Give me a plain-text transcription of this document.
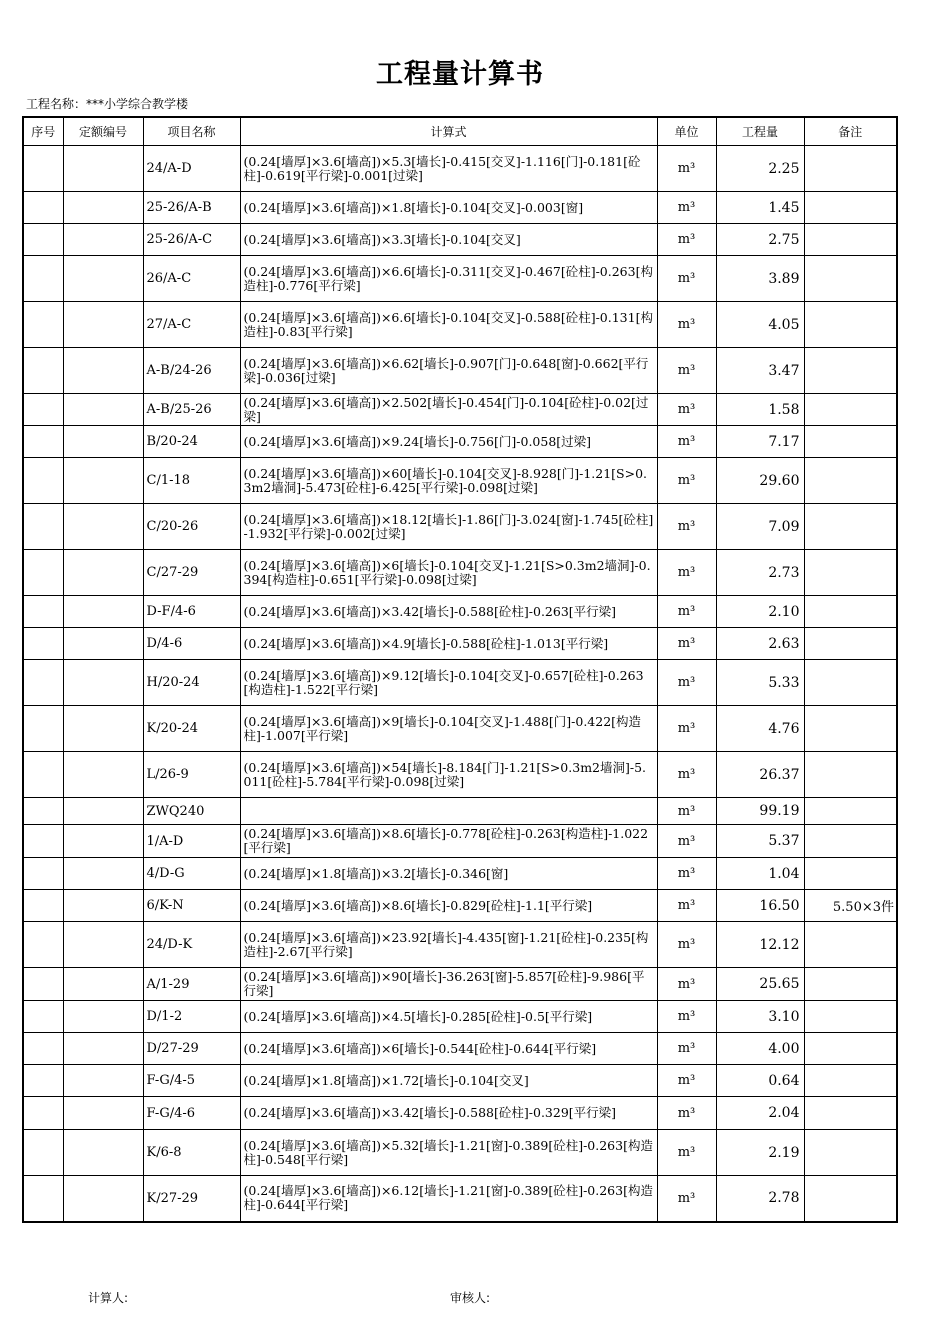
工程量计算书
工程名称：***小学综合教学楼
序号	定额编号	项目名称	计算式	单位	工程量	备注
		24/A-D	(0.24[墙厚]×3.6[墙高])×5.3[墙长]-0.415[交叉]-1.116[门]-0.181[砼柱]-0.619[平行梁]-0.001[过梁]	m³	2.25	
		25-26/A-B	(0.24[墙厚]×3.6[墙高])×1.8[墙长]-0.104[交叉]-0.003[窗]	m³	1.45	
		25-26/A-C	(0.24[墙厚]×3.6[墙高])×3.3[墙长]-0.104[交叉]	m³	2.75	
		26/A-C	(0.24[墙厚]×3.6[墙高])×6.6[墙长]-0.311[交叉]-0.467[砼柱]-0.263[构造柱]-0.776[平行梁]	m³	3.89	
		27/A-C	(0.24[墙厚]×3.6[墙高])×6.6[墙长]-0.104[交叉]-0.588[砼柱]-0.131[构造柱]-0.83[平行梁]	m³	4.05	
		A-B/24-26	(0.24[墙厚]×3.6[墙高])×6.62[墙长]-0.907[门]-0.648[窗]-0.662[平行梁]-0.036[过梁]	m³	3.47	
		A-B/25-26	(0.24[墙厚]×3.6[墙高])×2.502[墙长]-0.454[门]-0.104[砼柱]-0.02[过梁]	m³	1.58	
		B/20-24	(0.24[墙厚]×3.6[墙高])×9.24[墙长]-0.756[门]-0.058[过梁]	m³	7.17	
		C/1-18	(0.24[墙厚]×3.6[墙高])×60[墙长]-0.104[交叉]-8.928[门]-1.21[S>0.3m2墙洞]-5.473[砼柱]-6.425[平行梁]-0.098[过梁]	m³	29.60	
		C/20-26	(0.24[墙厚]×3.6[墙高])×18.12[墙长]-1.86[门]-3.024[窗]-1.745[砼柱]-1.932[平行梁]-0.002[过梁]	m³	7.09	
		C/27-29	(0.24[墙厚]×3.6[墙高])×6[墙长]-0.104[交叉]-1.21[S>0.3m2墙洞]-0.394[构造柱]-0.651[平行梁]-0.098[过梁]	m³	2.73	
		D-F/4-6	(0.24[墙厚]×3.6[墙高])×3.42[墙长]-0.588[砼柱]-0.263[平行梁]	m³	2.10	
		D/4-6	(0.24[墙厚]×3.6[墙高])×4.9[墙长]-0.588[砼柱]-1.013[平行梁]	m³	2.63	
		H/20-24	(0.24[墙厚]×3.6[墙高])×9.12[墙长]-0.104[交叉]-0.657[砼柱]-0.263[构造柱]-1.522[平行梁]	m³	5.33	
		K/20-24	(0.24[墙厚]×3.6[墙高])×9[墙长]-0.104[交叉]-1.488[门]-0.422[构造柱]-1.007[平行梁]	m³	4.76	
		L/26-9	(0.24[墙厚]×3.6[墙高])×54[墙长]-8.184[门]-1.21[S>0.3m2墙洞]-5.011[砼柱]-5.784[平行梁]-0.098[过梁]	m³	26.37	
		ZWQ240		m³	99.19	
		1/A-D	(0.24[墙厚]×3.6[墙高])×8.6[墙长]-0.778[砼柱]-0.263[构造柱]-1.022[平行梁]	m³	5.37	
		4/D-G	(0.24[墙厚]×1.8[墙高])×3.2[墙长]-0.346[窗]	m³	1.04	
		6/K-N	(0.24[墙厚]×3.6[墙高])×8.6[墙长]-0.829[砼柱]-1.1[平行梁]	m³	16.50	5.50×3件
		24/D-K	(0.24[墙厚]×3.6[墙高])×23.92[墙长]-4.435[窗]-1.21[砼柱]-0.235[构造柱]-2.67[平行梁]	m³	12.12	
		A/1-29	(0.24[墙厚]×3.6[墙高])×90[墙长]-36.263[窗]-5.857[砼柱]-9.986[平行梁]	m³	25.65	
		D/1-2	(0.24[墙厚]×3.6[墙高])×4.5[墙长]-0.285[砼柱]-0.5[平行梁]	m³	3.10	
		D/27-29	(0.24[墙厚]×3.6[墙高])×6[墙长]-0.544[砼柱]-0.644[平行梁]	m³	4.00	
		F-G/4-5	(0.24[墙厚]×1.8[墙高])×1.72[墙长]-0.104[交叉]	m³	0.64	
		F-G/4-6	(0.24[墙厚]×3.6[墙高])×3.42[墙长]-0.588[砼柱]-0.329[平行梁]	m³	2.04	
		K/6-8	(0.24[墙厚]×3.6[墙高])×5.32[墙长]-1.21[窗]-0.389[砼柱]-0.263[构造柱]-0.548[平行梁]	m³	2.19	
		K/27-29	(0.24[墙厚]×3.6[墙高])×6.12[墙长]-1.21[窗]-0.389[砼柱]-0.263[构造柱]-0.644[平行梁]	m³	2.78	
计算人:	审核人:
